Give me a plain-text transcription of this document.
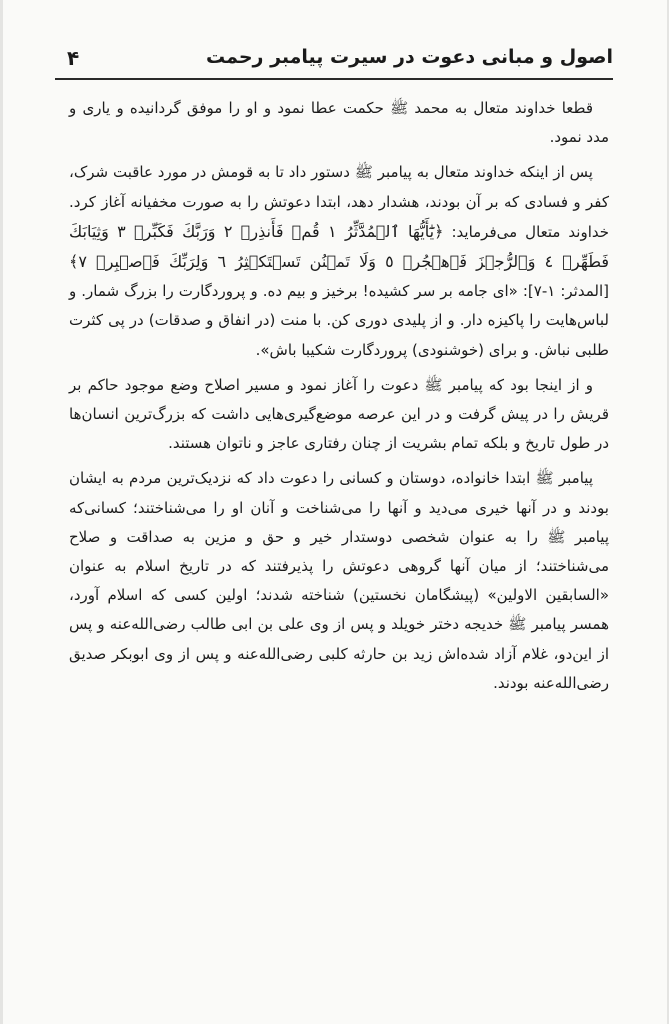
اصول و مبانی دعوت در سیرت پیامبر رحمت
۴

قطعا خداوند متعال به محمد ﷺ حکمت عطا نمود و او را موفق گردانیده و یاری و مدد نمود.

پس از اینکه خداوند متعال به پیامبر ﷺ دستور داد تا به قومش در مورد عاقبت شرک، کفر و فسادی که بر آن بودند، هشدار دهد، ابتدا دعوتش را به صورت مخفیانه آغاز کرد. خداوند متعال می‌فرماید: ﴿يَٰٓأَيُّهَا ٱلۡمُدَّثِّرُ ١ قُمۡ فَأَنذِرۡ ٢ وَرَبَّكَ فَكَبِّرۡ ٣ وَثِيَابَكَ فَطَهِّرۡ ٤ وَٱلرُّجۡزَ فَٱهۡجُرۡ ٥ وَلَا تَمۡنُن تَسۡتَكۡثِرُ ٦ وَلِرَبِّكَ فَٱصۡبِرۡ ٧﴾ [المدثر: ۱-۷]: «ای جامه بر سر کشیده! برخیز و بیم ده. و پروردگارت را بزرگ شمار. و لباس‌هایت را پاکیزه دار. و از پلیدی دوری کن. با منت (در انفاق و صدقات) در پی کثرت طلبی نباش. و برای (خوشنودی) پروردگارت شکیبا باش».

و از اینجا بود که پیامبر ﷺ دعوت را آغاز نمود و مسیر اصلاح وضع موجود حاکم بر قریش را در پیش گرفت و در این عرصه موضع‌گیری‌هایی داشت که بزرگ‌ترین انسان‌ها در طول تاریخ و بلکه تمام بشریت از چنان رفتاری عاجز و ناتوان هستند.

پیامبر ﷺ ابتدا خانواده، دوستان و کسانی را دعوت داد که نزدیک‌ترین مردم به ایشان بودند و در آنها خیری می‌دید و آنها را می‌شناخت و آنان او را می‌شناختند؛ کسانی‌که پیامبر ﷺ را به عنوان شخصی دوستدار خیر و حق و مزین به صداقت و صلاح می‌شناختند؛ از میان آنها گروهی دعوتش را پذیرفتند که در تاریخ اسلام به عنوان «السابقین الاولین» (پیشگامان نخستین) شناخته شدند؛ اولین کسی که اسلام آورد، همسر پیامبر ﷺ خدیجه دختر خویلد و پس از وی علی بن ابی طالب رضی‌الله‌عنه و پس از این‌دو، غلام آزاد شده‌اش زید بن حارثه کلبی رضی‌الله‌عنه و پس از وی ابوبکر صدیق رضی‌الله‌عنه بودند.
